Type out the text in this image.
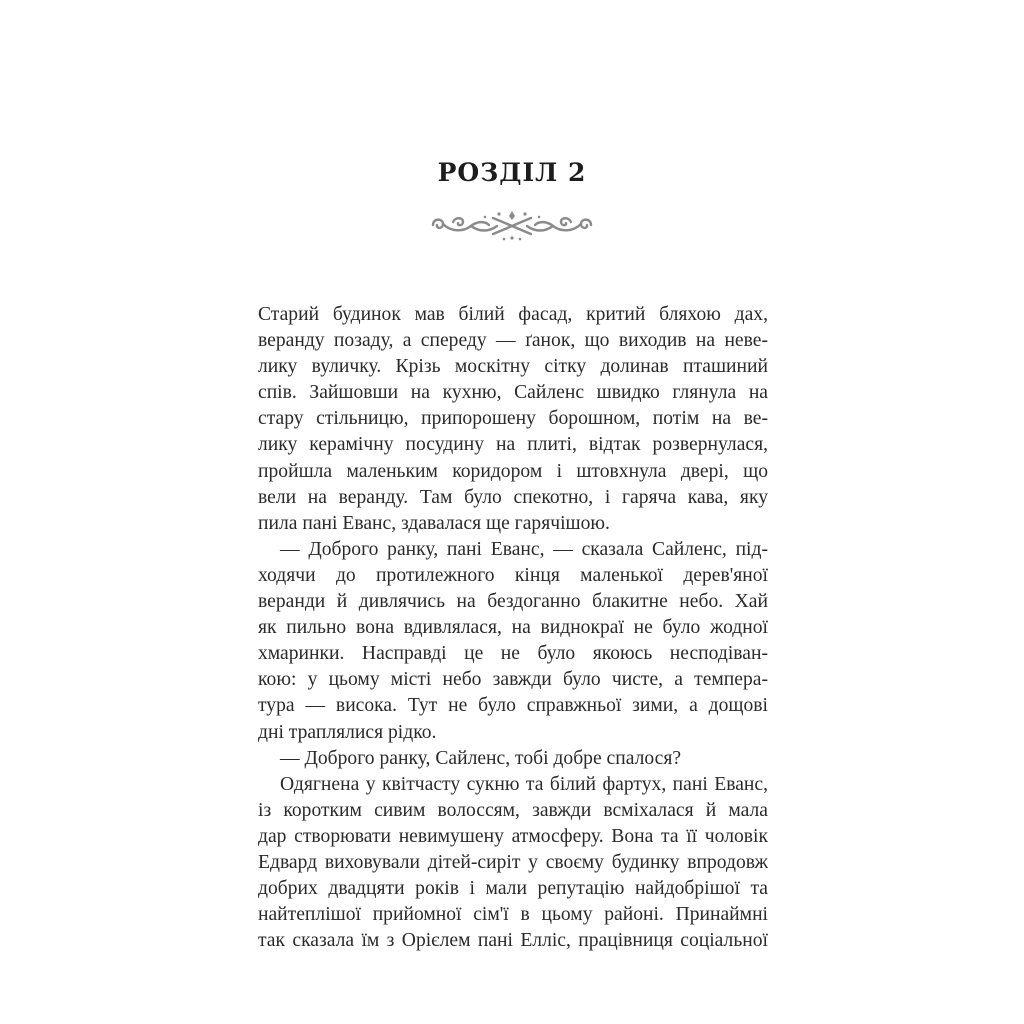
РОЗДІЛ 2
Старий будинок мав білий фасад, критий бляхою дах,
веранду позаду, а спереду — ґанок, що виходив на неве-
лику вуличку. Крізь москітну сітку долинав пташиний
спів. Зайшовши на кухню, Сайленс швидко глянула на
стару стільницю, припорошену борошном, потім на ве-
лику керамічну посудину на плиті, відтак розвернулася,
пройшла маленьким коридором і штовхнула двері, що
вели на веранду. Там було спекотно, і гаряча кава, яку
пила пані Еванс, здавалася ще гарячішою.
— Доброго ранку, пані Еванс, — сказала Сайленс, під-
ходячи до протилежного кінця маленької дерев'яної
веранди й дивлячись на бездоганно блакитне небо. Хай
як пильно вона вдивлялася, на виднокраї не було жодної
хмаринки. Насправді це не було якоюсь несподіван-
кою: у цьому місті небо завжди було чисте, а темпера-
тура — висока. Тут не було справжньої зими, а дощові
дні траплялися рідко.
— Доброго ранку, Сайленс, тобі добре спалося?
Одягнена у квітчасту сукню та білий фартух, пані Еванс,
із коротким сивим волоссям, завжди всміхалася й мала
дар створювати невимушену атмосферу. Вона та її чоловік
Едвард виховували дітей-сиріт у своєму будинку впродовж
добрих двадцяти років і мали репутацію найдобрішої та
найтеплішої прийомної сім'ї в цьому районі. Принаймні
так сказала їм з Орієлем пані Елліс, працівниця соціальної
